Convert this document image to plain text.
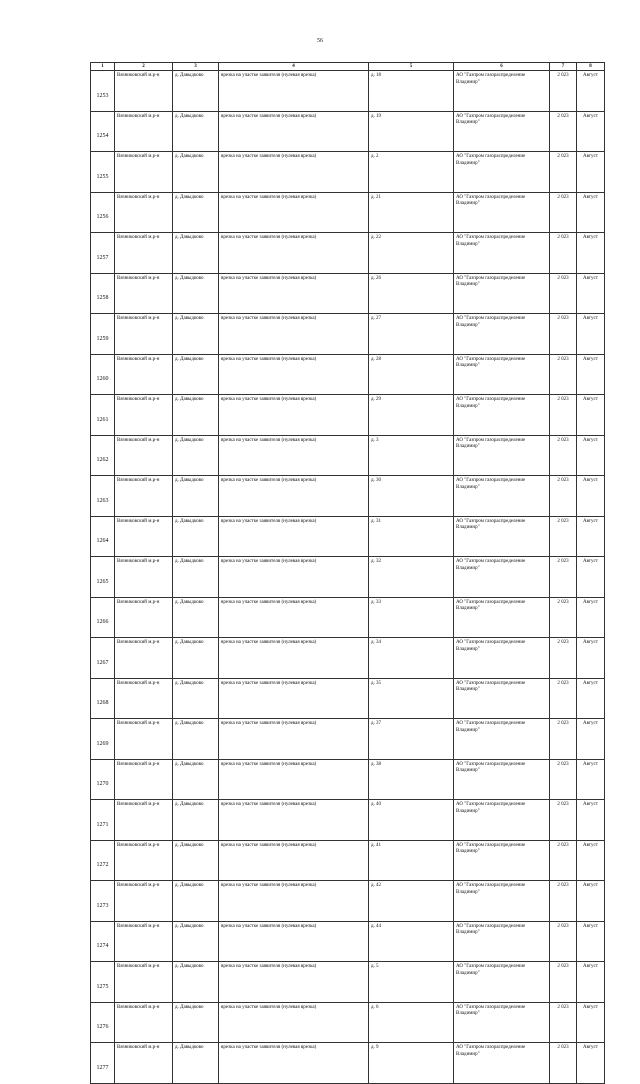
56
1	2	3	4	5	6	7	8
1253	Вязниковский м.р-н	д. Давыдково	врезка на участке заявителя (нулевая врезка)	д. 18	АО "Газпром газораспределение Владимир"	2 023	Август
1254	Вязниковский м.р-н	д. Давыдково	врезка на участке заявителя (нулевая врезка)	д. 19	АО "Газпром газораспределение Владимир"	2 023	Август
1255	Вязниковский м.р-н	д. Давыдково	врезка на участке заявителя (нулевая врезка)	д. 2	АО "Газпром газораспределение Владимир"	2 023	Август
1256	Вязниковский м.р-н	д. Давыдково	врезка на участке заявителя (нулевая врезка)	д. 21	АО "Газпром газораспределение Владимир"	2 023	Август
1257	Вязниковский м.р-н	д. Давыдково	врезка на участке заявителя (нулевая врезка)	д. 22	АО "Газпром газораспределение Владимир"	2 023	Август
1258	Вязниковский м.р-н	д. Давыдково	врезка на участке заявителя (нулевая врезка)	д. 26	АО "Газпром газораспределение Владимир"	2 023	Август
1259	Вязниковский м.р-н	д. Давыдково	врезка на участке заявителя (нулевая врезка)	д. 27	АО "Газпром газораспределение Владимир"	2 023	Август
1260	Вязниковский м.р-н	д. Давыдково	врезка на участке заявителя (нулевая врезка)	д. 28	АО "Газпром газораспределение Владимир"	2 023	Август
1261	Вязниковский м.р-н	д. Давыдково	врезка на участке заявителя (нулевая врезка)	д. 29	АО "Газпром газораспределение Владимир"	2 023	Август
1262	Вязниковский м.р-н	д. Давыдково	врезка на участке заявителя (нулевая врезка)	д. 3	АО "Газпром газораспределение Владимир"	2 023	Август
1263	Вязниковский м.р-н	д. Давыдково	врезка на участке заявителя (нулевая врезка)	д. 30	АО "Газпром газораспределение Владимир"	2 023	Август
1264	Вязниковский м.р-н	д. Давыдково	врезка на участке заявителя (нулевая врезка)	д. 31	АО "Газпром газораспределение Владимир"	2 023	Август
1265	Вязниковский м.р-н	д. Давыдково	врезка на участке заявителя (нулевая врезка)	д. 32	АО "Газпром газораспределение Владимир"	2 023	Август
1266	Вязниковский м.р-н	д. Давыдково	врезка на участке заявителя (нулевая врезка)	д. 33	АО "Газпром газораспределение Владимир"	2 023	Август
1267	Вязниковский м.р-н	д. Давыдково	врезка на участке заявителя (нулевая врезка)	д. 34	АО "Газпром газораспределение Владимир"	2 023	Август
1268	Вязниковский м.р-н	д. Давыдково	врезка на участке заявителя (нулевая врезка)	д. 35	АО "Газпром газораспределение Владимир"	2 023	Август
1269	Вязниковский м.р-н	д. Давыдково	врезка на участке заявителя (нулевая врезка)	д. 37	АО "Газпром газораспределение Владимир"	2 023	Август
1270	Вязниковский м.р-н	д. Давыдково	врезка на участке заявителя (нулевая врезка)	д. 38	АО "Газпром газораспределение Владимир"	2 023	Август
1271	Вязниковский м.р-н	д. Давыдково	врезка на участке заявителя (нулевая врезка)	д. 40	АО "Газпром газораспределение Владимир"	2 023	Август
1272	Вязниковский м.р-н	д. Давыдково	врезка на участке заявителя (нулевая врезка)	д. 41	АО "Газпром газораспределение Владимир"	2 023	Август
1273	Вязниковский м.р-н	д. Давыдково	врезка на участке заявителя (нулевая врезка)	д. 42	АО "Газпром газораспределение Владимир"	2 023	Август
1274	Вязниковский м.р-н	д. Давыдково	врезка на участке заявителя (нулевая врезка)	д. 44	АО "Газпром газораспределение Владимир"	2 023	Август
1275	Вязниковский м.р-н	д. Давыдково	врезка на участке заявителя (нулевая врезка)	д. 5	АО "Газпром газораспределение Владимир"	2 023	Август
1276	Вязниковский м.р-н	д. Давыдково	врезка на участке заявителя (нулевая врезка)	д. 6	АО "Газпром газораспределение Владимир"	2 023	Август
1277	Вязниковский м.р-н	д. Давыдково	врезка на участке заявителя (нулевая врезка)	д. 9	АО "Газпром газораспределение Владимир"	2 023	Август
